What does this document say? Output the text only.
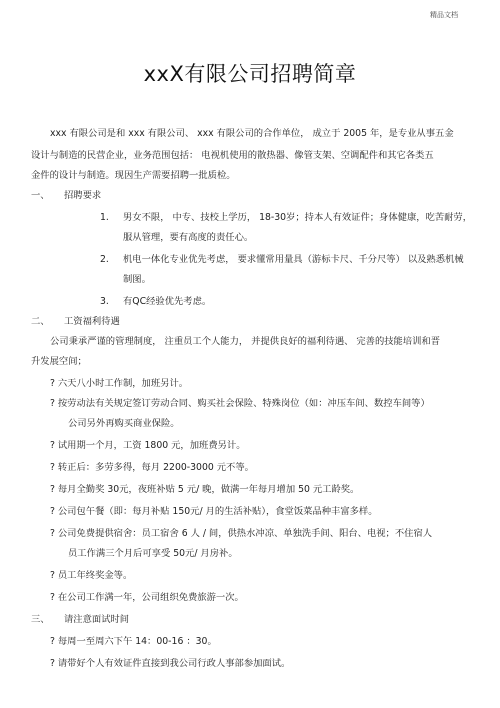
精品文档
xxX有限公司招聘简章
xxx 有限公司是和 xxx 有限公司、 xxx 有限公司的合作单位， 成立于 2005 年，是专业从事五金
设计与制造的民营企业，业务范围包括： 电视机使用的散热器、像管支架、空调配件和其它各类五
金件的设计与制造。现因生产需要招聘一批质检。
一、 招聘要求
1. 男女不限， 中专、技校上学历， 18-30岁；持本人有效证件；身体健康，吃苦耐劳，
服从管理，要有高度的责任心。
2. 机电一体化专业优先考虑， 要求懂常用量具（游标卡尺、千分尺等） 以及熟悉机械
制图。
3. 有QC经验优先考虑。
二、 工资福利待遇
公司秉承严谨的管理制度， 注重员工个人能力， 并提供良好的福利待遇、 完善的技能培训和晋
升发展空间；
? 六天八小时工作制，加班另计。
? 按劳动法有关规定签订劳动合同、购买社会保险、特殊岗位（如：冲压车间、数控车间等）
公司另外再购买商业保险。
? 试用期一个月，工资 1800 元，加班费另计。
? 转正后：多劳多得，每月 2200-3000 元不等。
? 每月全勤奖 30元，夜班补贴 5 元/ 晚，做满一年每月增加 50 元工龄奖。
? 公司包午餐（即：每月补贴 150元/ 月的生活补贴），食堂饭菜品种丰富多样。
? 公司免费提供宿舍：员工宿舍 6 人 / 间，供热水冲凉、单独洗手间、阳台、电视；不住宿人
员工作满三个月后可享受 50元/ 月房补。
? 员工年终奖金等。
? 在公司工作满一年，公司组织免费旅游一次。
三、 请注意面试时间
? 每周一至周六下午 14：00-16 ：30。
? 请带好个人有效证件直接到我公司行政人事部参加面试。
